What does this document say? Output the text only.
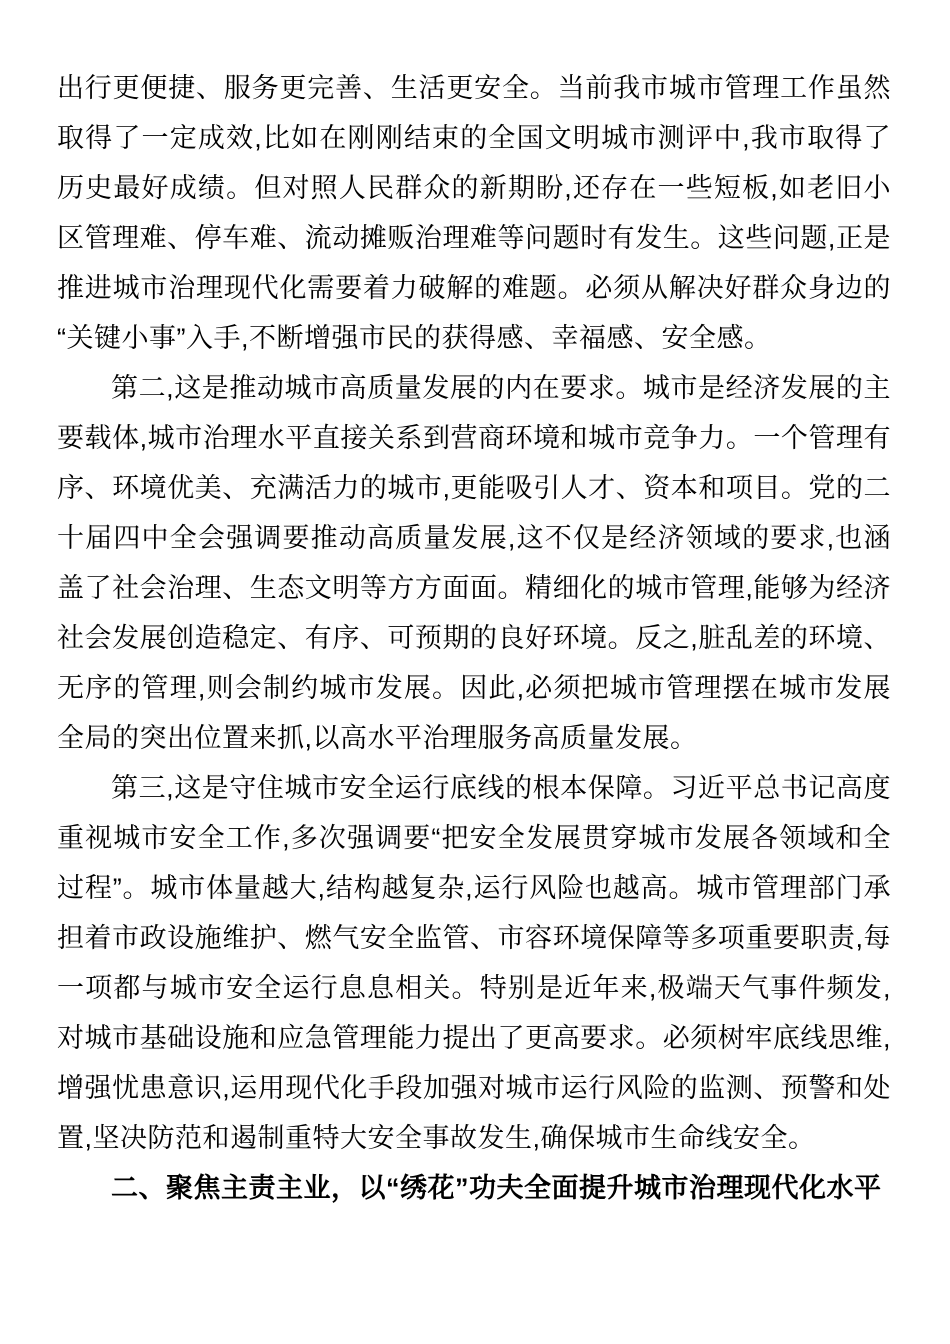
出行更便捷、服务更完善、生活更安全。当前我市城市管理工作虽然取得了一定成效,比如在刚刚结束的全国文明城市测评中,我市取得了历史最好成绩。但对照人民群众的新期盼,还存在一些短板,如老旧小区管理难、停车难、流动摊贩治理难等问题时有发生。这些问题,正是推进城市治理现代化需要着力破解的难题。必须从解决好群众身边的“关键小事”入手,不断增强市民的获得感、幸福感、安全感。

第二,这是推动城市高质量发展的内在要求。城市是经济发展的主要载体,城市治理水平直接关系到营商环境和城市竞争力。一个管理有序、环境优美、充满活力的城市,更能吸引人才、资本和项目。党的二十届四中全会强调要推动高质量发展,这不仅是经济领域的要求,也涵盖了社会治理、生态文明等方方面面。精细化的城市管理,能够为经济社会发展创造稳定、有序、可预期的良好环境。反之,脏乱差的环境、无序的管理,则会制约城市发展。因此,必须把城市管理摆在城市发展全局的突出位置来抓,以高水平治理服务高质量发展。

第三,这是守住城市安全运行底线的根本保障。习近平总书记高度重视城市安全工作,多次强调要“把安全发展贯穿城市发展各领域和全过程”。城市体量越大,结构越复杂,运行风险也越高。城市管理部门承担着市政设施维护、燃气安全监管、市容环境保障等多项重要职责,每一项都与城市安全运行息息相关。特别是近年来,极端天气事件频发,对城市基础设施和应急管理能力提出了更高要求。必须树牢底线思维,增强忧患意识,运用现代化手段加强对城市运行风险的监测、预警和处置,坚决防范和遏制重特大安全事故发生,确保城市生命线安全。

二、聚焦主责主业，以“绣花”功夫全面提升城市治理现代化水平
